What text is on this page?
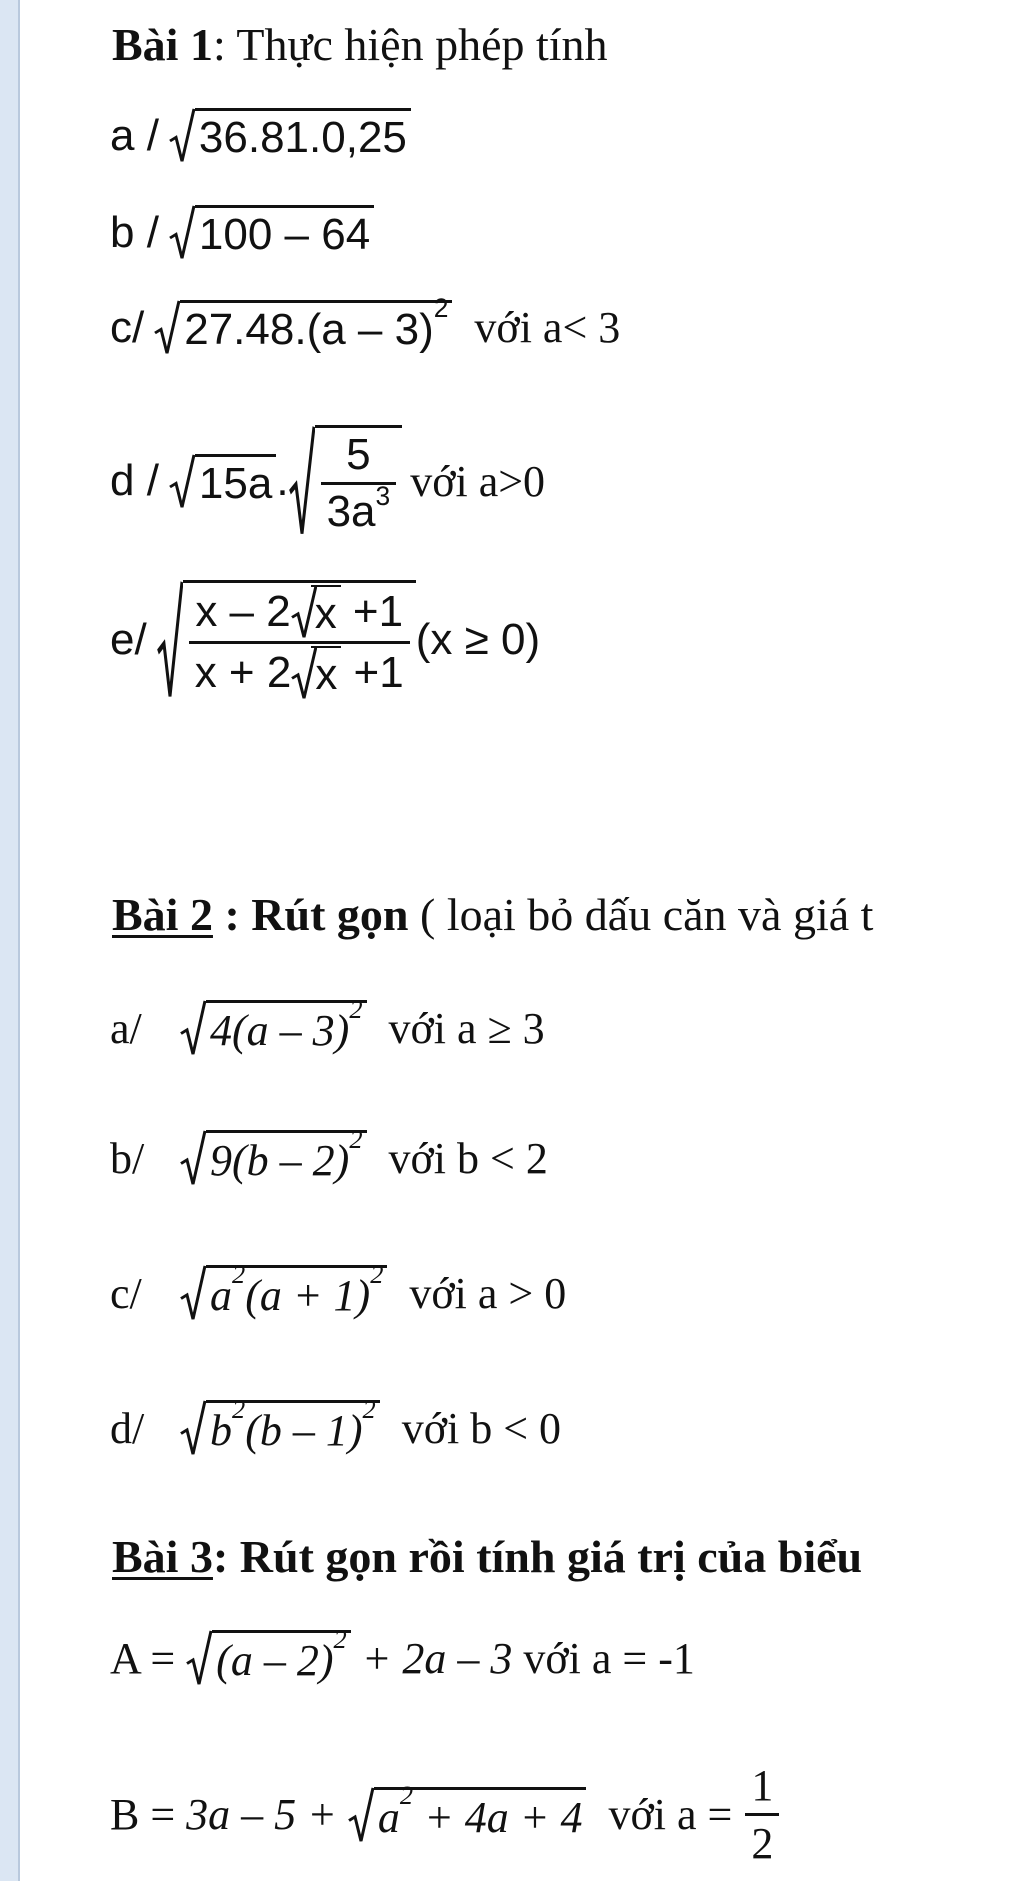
Bài 1 : Thực hiện phép tính
a / 36.81.0,25
b / 100 – 64
c/ 27.48.(a – 3) 2 với a< 3
d / 15a . $\frac{5}{3a^3}$ với a>0
$e/ \frac{x - 2 x +1}{x + 2 x +1} (x \ge 0)$
Bài 2 : Rút gọn ( loại bỏ dấu căn và giá t
a/	4(a – 3) 2 với a ≥ 3
b/	9(b – 2) 2 với b < 2
c/	a 2 (a + 1) 2 với a > 0
d/	b 2 (b – 1) 2 với b < 0
Bài 3 : Rút gọn rồi tính giá trị của biểu
A = (a – 2) 2 + 2a – 3 với a = -1
B = 3a – 5 + a 2 + 4a + 4 với $a = \frac{1}{2}$
